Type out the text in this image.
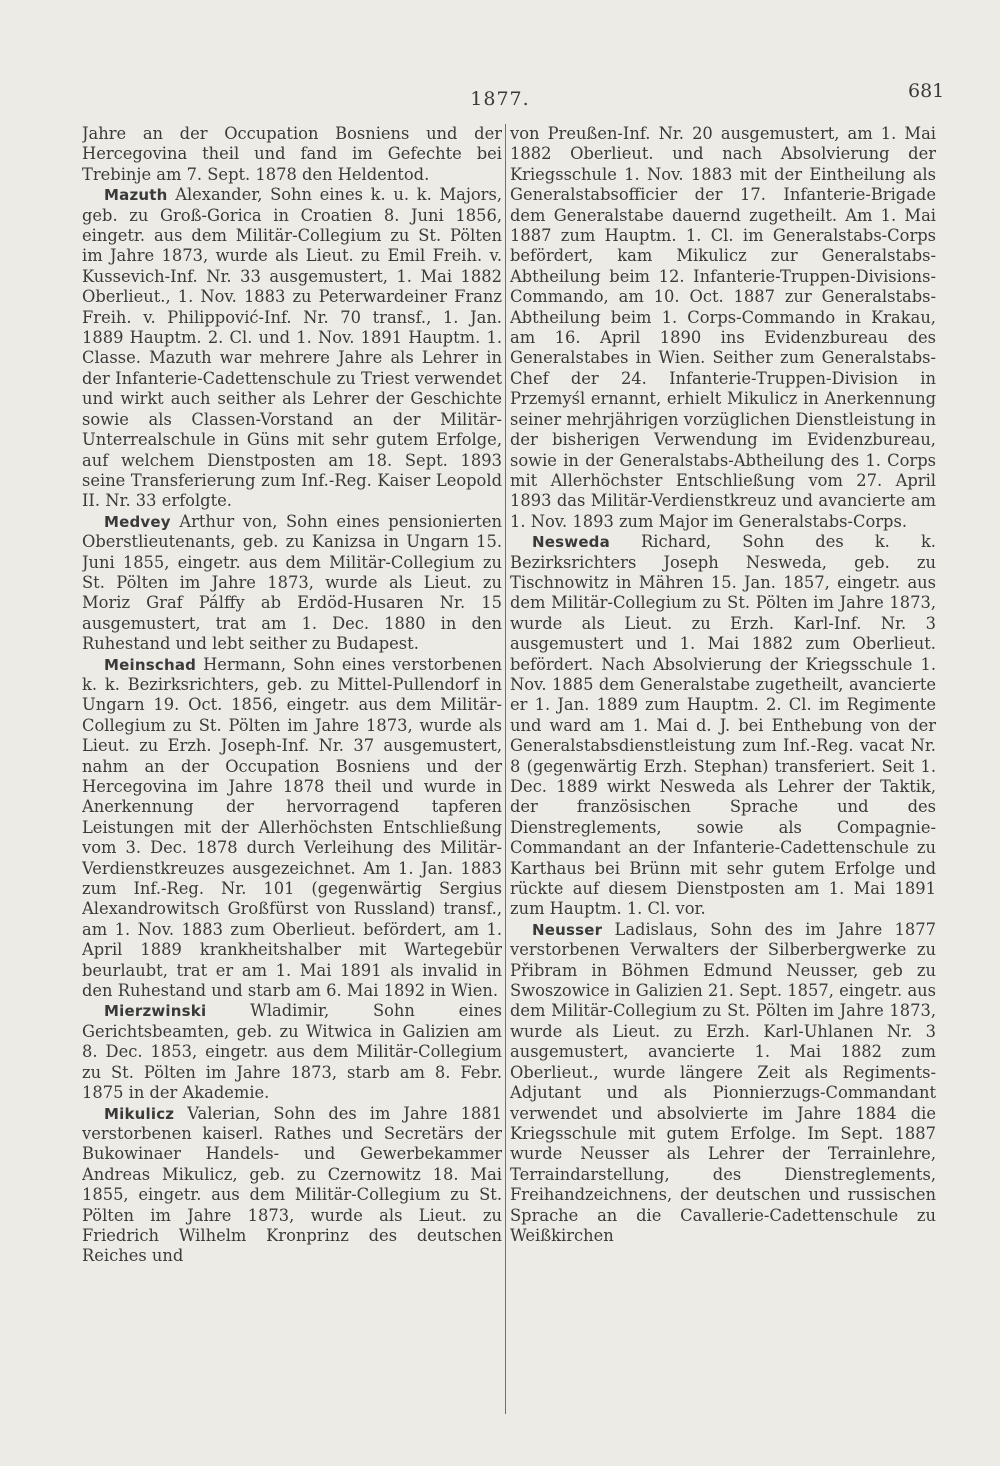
1877.	681

Jahre an der Occupation Bosniens und der Hercegovina theil und fand im Gefechte bei Trebinje am 7. Sept. 1878 den Heldentod.

Mazuth Alexander, Sohn eines k. u. k. Majors, geb. zu Groß-Gorica in Croatien 8. Juni 1856, eingetr. aus dem Militär-Collegium zu St. Pölten im Jahre 1873, wurde als Lieut. zu Emil Freih. v. Kussevich-Inf. Nr. 33 ausgemustert, 1. Mai 1882 Oberlieut., 1. Nov. 1883 zu Peterwardeiner Franz Freih. v. Philippović-Inf. Nr. 70 transf., 1. Jan. 1889 Hauptm. 2. Cl. und 1. Nov. 1891 Hauptm. 1. Classe. Mazuth war mehrere Jahre als Lehrer in der Infanterie-Cadettenschule zu Triest verwendet und wirkt auch seither als Lehrer der Geschichte sowie als Classen-Vorstand an der Militär-Unterrealschule in Güns mit sehr gutem Erfolge, auf welchem Dienstposten am 18. Sept. 1893 seine Transferierung zum Inf.-Reg. Kaiser Leopold II. Nr. 33 erfolgte.

Medvey Arthur von, Sohn eines pensionierten Oberstlieutenants, geb. zu Kanizsa in Ungarn 15. Juni 1855, eingetr. aus dem Militär-Collegium zu St. Pölten im Jahre 1873, wurde als Lieut. zu Moriz Graf Pálffy ab Erdöd-Husaren Nr. 15 ausgemustert, trat am 1. Dec. 1880 in den Ruhestand und lebt seither zu Budapest.

Meinschad Hermann, Sohn eines verstorbenen k. k. Bezirksrichters, geb. zu Mittel-Pullendorf in Ungarn 19. Oct. 1856, eingetr. aus dem Militär-Collegium zu St. Pölten im Jahre 1873, wurde als Lieut. zu Erzh. Joseph-Inf. Nr. 37 ausgemustert, nahm an der Occupation Bosniens und der Hercegovina im Jahre 1878 theil und wurde in Anerkennung der hervorragend tapferen Leistungen mit der Allerhöchsten Entschließung vom 3. Dec. 1878 durch Verleihung des Militär-Verdienstkreuzes ausgezeichnet. Am 1. Jan. 1883 zum Inf.-Reg. Nr. 101 (gegenwärtig Sergius Alexandrowitsch Großfürst von Russland) transf., am 1. Nov. 1883 zum Oberlieut. befördert, am 1. April 1889 krankheitshalber mit Wartegebür beurlaubt, trat er am 1. Mai 1891 als invalid in den Ruhestand und starb am 6. Mai 1892 in Wien.

Mierzwinski Wladimir, Sohn eines Gerichtsbeamten, geb. zu Witwica in Galizien am 8. Dec. 1853, eingetr. aus dem Militär-Collegium zu St. Pölten im Jahre 1873, starb am 8. Febr. 1875 in der Akademie.

Mikulicz Valerian, Sohn des im Jahre 1881 verstorbenen kaiserl. Rathes und Secretärs der Bukowinaer Handels- und Gewerbekammer Andreas Mikulicz, geb. zu Czernowitz 18. Mai 1855, eingetr. aus dem Militär-Collegium zu St. Pölten im Jahre 1873, wurde als Lieut. zu Friedrich Wilhelm Kronprinz des deutschen Reiches und

von Preußen-Inf. Nr. 20 ausgemustert, am 1. Mai 1882 Oberlieut. und nach Absolvierung der Kriegsschule 1. Nov. 1883 mit der Eintheilung als Generalstabsofficier der 17. Infanterie-Brigade dem Generalstabe dauernd zugetheilt. Am 1. Mai 1887 zum Hauptm. 1. Cl. im Generalstabs-Corps befördert, kam Mikulicz zur Generalstabs-Abtheilung beim 12. Infanterie-Truppen-Divisions-Commando, am 10. Oct. 1887 zur Generalstabs-Abtheilung beim 1. Corps-Commando in Krakau, am 16. April 1890 ins Evidenzbureau des Generalstabes in Wien. Seither zum Generalstabs-Chef der 24. Infanterie-Truppen-Division in Przemyśl ernannt, erhielt Mikulicz in Anerkennung seiner mehrjährigen vorzüglichen Dienstleistung in der bisherigen Verwendung im Evidenzbureau, sowie in der Generalstabs-Abtheilung des 1. Corps mit Allerhöchster Entschließung vom 27. April 1893 das Militär-Verdienstkreuz und avancierte am 1. Nov. 1893 zum Major im Generalstabs-Corps.

Nesweda Richard, Sohn des k. k. Bezirksrichters Joseph Nesweda, geb. zu Tischnowitz in Mähren 15. Jan. 1857, eingetr. aus dem Militär-Collegium zu St. Pölten im Jahre 1873, wurde als Lieut. zu Erzh. Karl-Inf. Nr. 3 ausgemustert und 1. Mai 1882 zum Oberlieut. befördert. Nach Absolvierung der Kriegsschule 1. Nov. 1885 dem Generalstabe zugetheilt, avancierte er 1. Jan. 1889 zum Hauptm. 2. Cl. im Regimente und ward am 1. Mai d. J. bei Enthebung von der Generalstabsdienstleistung zum Inf.-Reg. vacat Nr. 8 (gegenwärtig Erzh. Stephan) transferiert. Seit 1. Dec. 1889 wirkt Nesweda als Lehrer der Taktik, der französischen Sprache und des Dienstreglements, sowie als Compagnie-Commandant an der Infanterie-Cadettenschule zu Karthaus bei Brünn mit sehr gutem Erfolge und rückte auf diesem Dienstposten am 1. Mai 1891 zum Hauptm. 1. Cl. vor.

Neusser Ladislaus, Sohn des im Jahre 1877 verstorbenen Verwalters der Silberbergwerke zu Přibram in Böhmen Edmund Neusser, geb zu Swoszowice in Galizien 21. Sept. 1857, eingetr. aus dem Militär-Collegium zu St. Pölten im Jahre 1873, wurde als Lieut. zu Erzh. Karl-Uhlanen Nr. 3 ausgemustert, avancierte 1. Mai 1882 zum Oberlieut., wurde längere Zeit als Regiments-Adjutant und als Pionnierzugs-Commandant verwendet und absolvierte im Jahre 1884 die Kriegsschule mit gutem Erfolge. Im Sept. 1887 wurde Neusser als Lehrer der Terrainlehre, Terraindarstellung, des Dienstreglements, Freihandzeichnens, der deutschen und russischen Sprache an die Cavallerie-Cadettenschule zu Weißkirchen
